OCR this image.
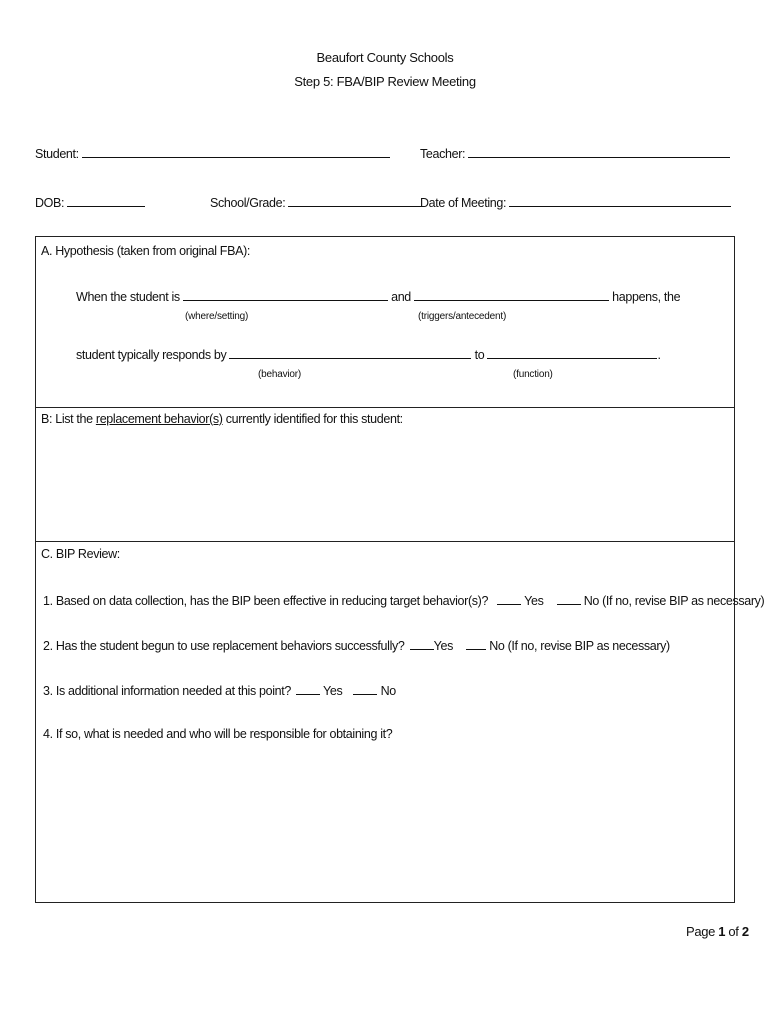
Beaufort County Schools
Step 5: FBA/BIP Review Meeting
Student:	Teacher:
DOB:	School/Grade:	Date of Meeting:
A. Hypothesis (taken from original FBA):
When the student is	and	happens, the
(where/setting)	(triggers/antecedent)
student typically responds by	to	.
(behavior)	(function)
B: List the replacement behavior(s) currently identified for this student:
C. BIP Review:
1. Based on data collection, has the BIP been effective in reducing target behavior(s)?	Yes	No (If no, revise BIP as necessary)
2. Has the student begun to use replacement behaviors successfully? Yes	No (If no, revise BIP as necessary)
3. Is additional information needed at this point?	Yes	No
4. If so, what is needed and who will be responsible for obtaining it?
Page 1 of 2
